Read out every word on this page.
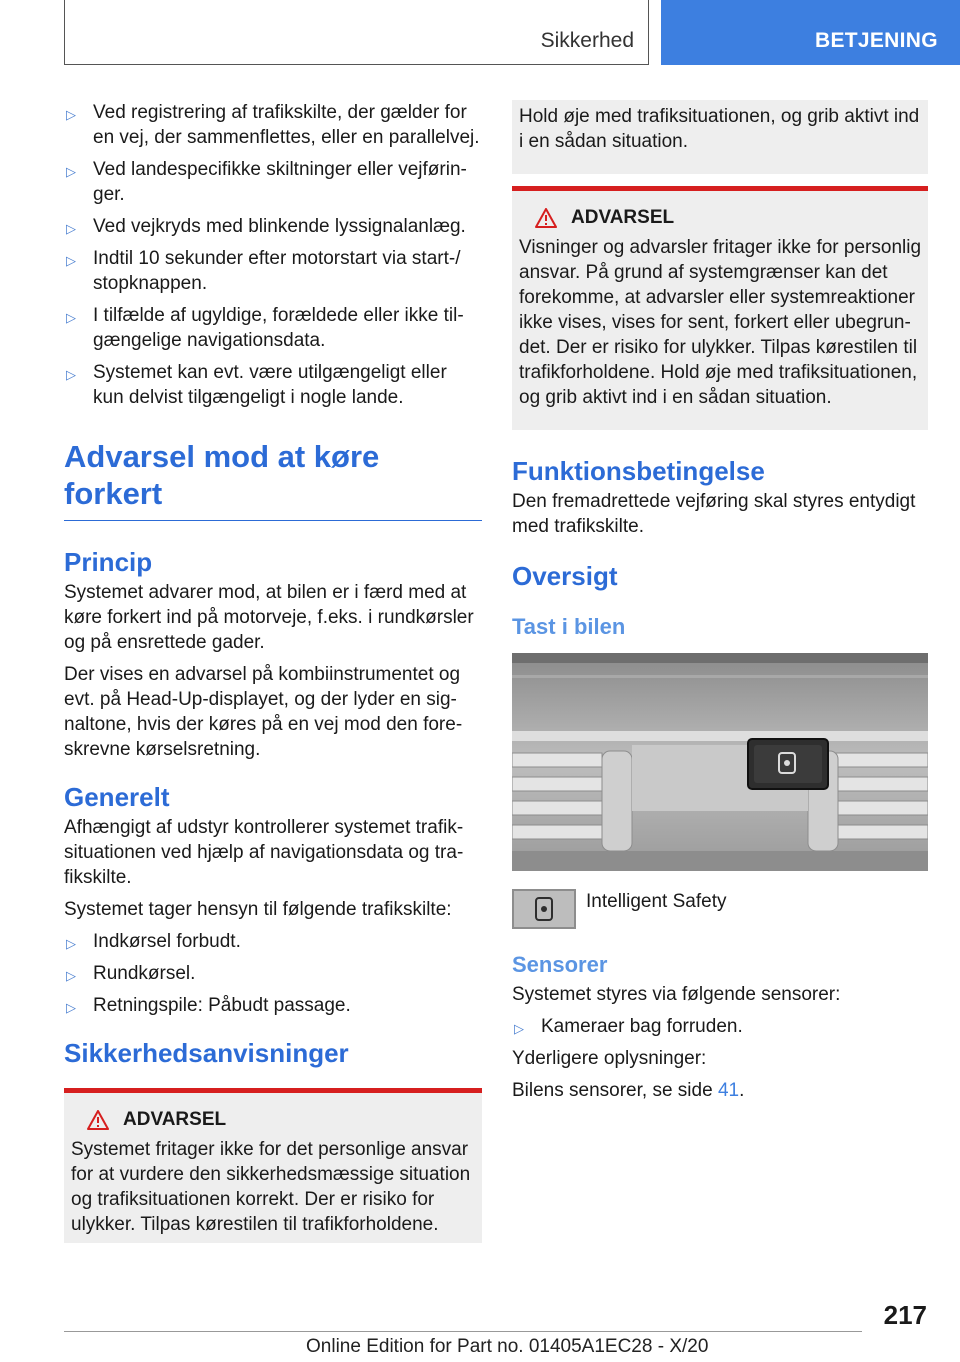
Sikkerhed	BETJENING
▷ Ved registrering af trafikskilte, der gælder for en vej, der sammenflettes, eller en parallelvej.
▷ Ved landespecifikke skiltninger eller vejføringer.
▷ Ved vejkryds med blinkende lyssignalanlæg.
▷ Indtil 10 sekunder efter motorstart via start-/ stopknappen.
▷ I tilfælde af ugyldige, forældede eller ikke tilgængelige navigationsdata.
▷ Systemet kan evt. være utilgængeligt eller kun delvist tilgængeligt i nogle lande.
Advarsel mod at køre forkert
Princip

Systemet advarer mod, at bilen er i færd med at køre forkert ind på motorveje, f.eks. i rundkørsler og på ensrettede gader.

Der vises en advarsel på kombiinstrumentet og evt. på Head-Up-displayet, og der lyder en signaltone, hvis der køres på en vej mod den foreskrevne kørselsretning.

Generelt

Afhængigt af udstyr kontrollerer systemet trafiksituationen ved hjælp af navigationsdata og trafikskilte.

Systemet tager hensyn til følgende trafikskilte:

▷ Indkørsel forbudt.
▷ Rundkørsel.
▷ Retningspile: Påbudt passage.
Sikkerhedsanvisninger
ADVARSEL

Systemet fritager ikke for det personlige ansvar for at vurdere den sikkerhedsmæssige situation og trafiksituationen korrekt. Der er risiko for ulykker. Tilpas kørestilen til trafikforholdene.

Hold øje med trafiksituationen, og grib aktivt ind i en sådan situation.
ADVARSEL

Visninger og advarsler fritager ikke for personlig ansvar. På grund af systemgrænser kan det forekomme, at advarsler eller systemreaktioner ikke vises, vises for sent, forkert eller ubegrundet. Der er risiko for ulykker. Tilpas kørestilen til trafikforholdene. Hold øje med trafiksituationen, og grib aktivt ind i en sådan situation.

Funktionsbetingelse

Den fremadrettede vejføring skal styres entydigt med trafikskilte.

Oversigt
Tast i bilen
Intelligent Safety
Sensorer

Systemet styres via følgende sensorer:

▷ Kameraer bag forruden.

Yderligere oplysninger:

Bilens sensorer, se side 41.

217
Online Edition for Part no. 01405A1EC28 - X/20
